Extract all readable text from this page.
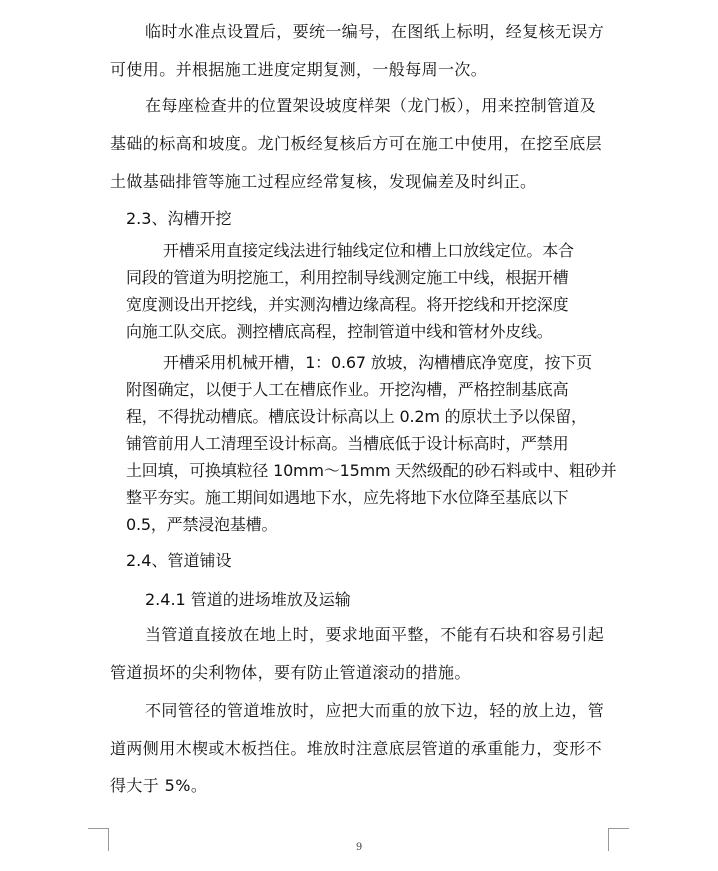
临时水准点设置后，要统一编号，在图纸上标明，经复核无误方
可使用。并根据施工进度定期复测，一般每周一次。
在每座检查井的位置架设坡度样架（龙门板），用来控制管道及
基础的标高和坡度。龙门板经复核后方可在施工中使用，在挖至底层
土做基础排管等施工过程应经常复核，发现偏差及时纠正。
2.3、沟槽开挖
开槽采用直接定线法进行轴线定位和槽上口放线定位。本合
同段的管道为明挖施工，利用控制导线测定施工中线，根据开槽
宽度测设出开挖线，并实测沟槽边缘高程。将开挖线和开挖深度
向施工队交底。测控槽底高程，控制管道中线和管材外皮线。
开槽采用机械开槽，1：0.67 放坡，沟槽槽底净宽度，按下页
附图确定，以便于人工在槽底作业。开挖沟槽，严格控制基底高
程，不得扰动槽底。槽底设计标高以上 0.2m 的原状土予以保留，
铺管前用人工清理至设计标高。当槽底低于设计标高时，严禁用
土回填，可换填粒径 10mm～15mm 天然级配的砂石料或中、粗砂并
整平夯实。施工期间如遇地下水，应先将地下水位降至基底以下
0.5，严禁浸泡基槽。
2.4、管道铺设
2.4.1 管道的进场堆放及运输
当管道直接放在地上时，要求地面平整，不能有石块和容易引起
管道损坏的尖利物体，要有防止管道滚动的措施。
不同管径的管道堆放时，应把大而重的放下边，轻的放上边，管
道两侧用木楔或木板挡住。堆放时注意底层管道的承重能力，变形不
得大于 5%。
9
